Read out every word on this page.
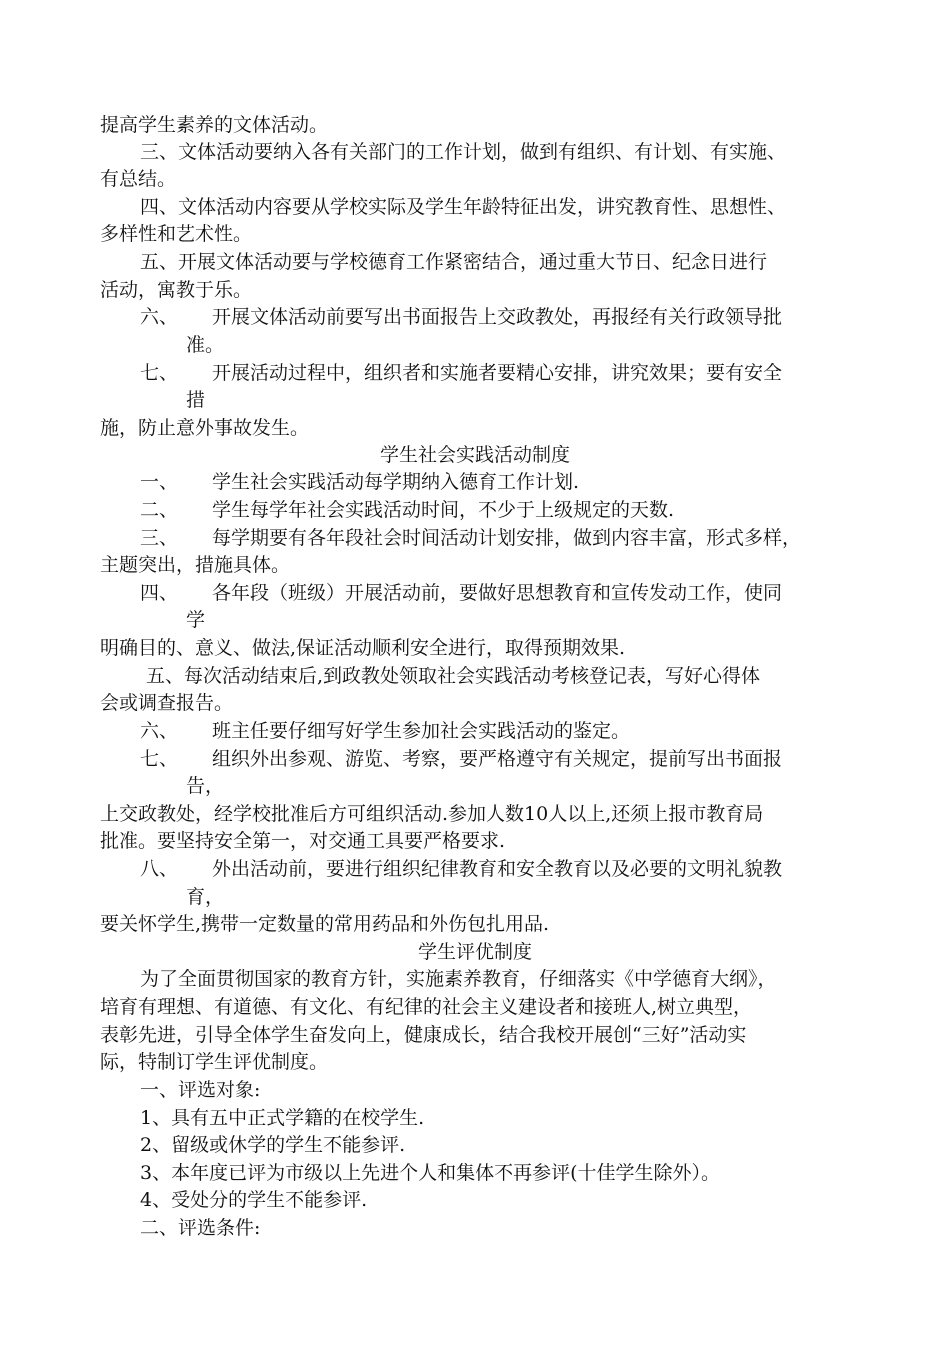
提高学生素养的文体活动。
三、文体活动要纳入各有关部门的工作计划，做到有组织、有计划、有实施、
有总结。
四、文体活动内容要从学校实际及学生年龄特征出发，讲究教育性、思想性、
多样性和艺术性。
五、开展文体活动要与学校德育工作紧密结合，通过重大节日、纪念日进行
活动，寓教于乐。
六、 开展文体活动前要写出书面报告上交政教处，再报经有关行政领导批
准。
七、 开展活动过程中，组织者和实施者要精心安排，讲究效果；要有安全
措
施，防止意外事故发生。
学生社会实践活动制度
一、 学生社会实践活动每学期纳入德育工作计划.
二、 学生每学年社会实践活动时间，不少于上级规定的天数.
三、 每学期要有各年段社会时间活动计划安排，做到内容丰富，形式多样，
主题突出，措施具体。
四、 各年段（班级）开展活动前，要做好思想教育和宣传发动工作，使同
学
明确目的、意义、做法,保证活动顺利安全进行，取得预期效果.
五、每次活动结束后,到政教处领取社会实践活动考核登记表，写好心得体
会或调查报告。
六、 班主任要仔细写好学生参加社会实践活动的鉴定。
七、 组织外出参观、游览、考察，要严格遵守有关规定，提前写出书面报
告，
上交政教处，经学校批准后方可组织活动.参加人数10人以上,还须上报市教育局
批准。要坚持安全第一，对交通工具要严格要求.
八、 外出活动前，要进行组织纪律教育和安全教育以及必要的文明礼貌教
育，
要关怀学生,携带一定数量的常用药品和外伤包扎用品.
学生评优制度
为了全面贯彻国家的教育方针，实施素养教育，仔细落实《中学德育大纲》，
培育有理想、有道德、有文化、有纪律的社会主义建设者和接班人,树立典型，
表彰先进，引导全体学生奋发向上，健康成长，结合我校开展创“三好”活动实
际，特制订学生评优制度。
一、评选对象:
1、具有五中正式学籍的在校学生.
2、留级或休学的学生不能参评.
3、本年度已评为市级以上先进个人和集体不再参评(十佳学生除外）。
4、受处分的学生不能参评.
二、评选条件:
